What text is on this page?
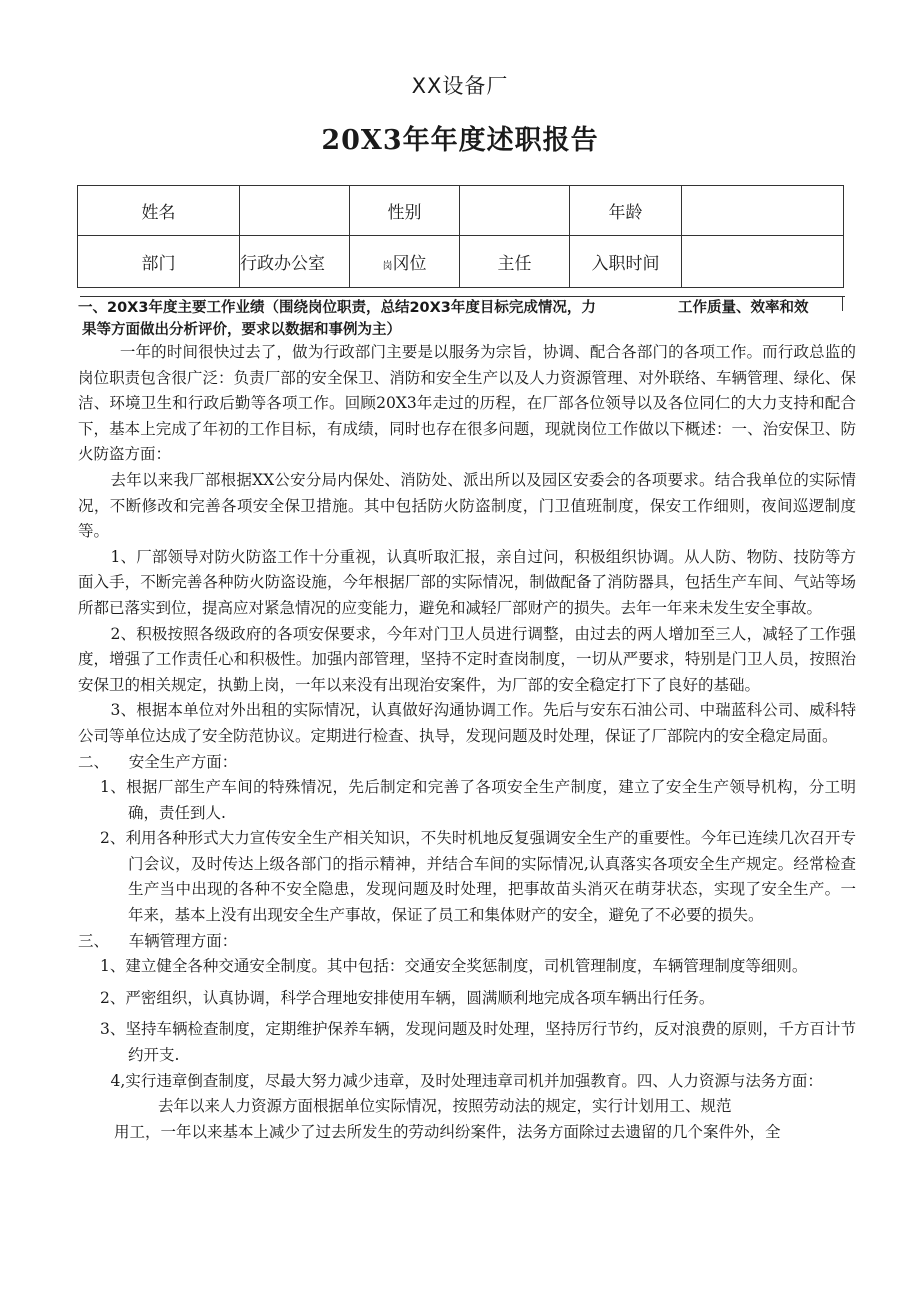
XX设备厂
20X3年年度述职报告
姓名		性别		年龄	
部门	行政办公室	岗冈位	主任	入职时间	
一、20X3年度主要工作业绩（围绕岗位职责，总结20X3年度目标完成情况，力	工作质量、效率和效
果等方面做出分析评价，要求以数据和事例为主）

一年的时间很快过去了，做为行政部门主要是以服务为宗旨，协调、配合各部门的各项工作。而行政总监的岗位职责包含很广泛：负责厂部的安全保卫、消防和安全生产以及人力资源管理、对外联络、车辆管理、绿化、保洁、环境卫生和行政后勤等各项工作。回顾20X3年走过的历程，在厂部各位领导以及各位同仁的大力支持和配合下，基本上完成了年初的工作目标，有成绩，同时也存在很多问题，现就岗位工作做以下概述：一、治安保卫、防火防盗方面：

去年以来我厂部根据XX公安分局内保处、消防处、派出所以及园区安委会的各项要求。结合我单位的实际情况，不断修改和完善各项安全保卫措施。其中包括防火防盗制度，门卫值班制度，保安工作细则，夜间巡逻制度等。

1、厂部领导对防火防盗工作十分重视，认真听取汇报，亲自过问，积极组织协调。从人防、物防、技防等方面入手，不断完善各种防火防盗设施，今年根据厂部的实际情况，制做配备了消防器具，包括生产车间、气站等场所都已落实到位，提高应对紧急情况的应变能力，避免和减轻厂部财产的损失。去年一年来未发生安全事故。

2、积极按照各级政府的各项安保要求，今年对门卫人员进行调整，由过去的两人增加至三人，减轻了工作强度，增强了工作责任心和积极性。加强内部管理，坚持不定时查岗制度，一切从严要求，特别是门卫人员，按照治安保卫的相关规定，执勤上岗，一年以来没有出现治安案件，为厂部的安全稳定打下了良好的基础。

3、根据本单位对外出租的实际情况，认真做好沟通协调工作。先后与安东石油公司、中瑞蓝科公司、威科特公司等单位达成了安全防范协议。定期进行检查、执导，发现问题及时处理，保证了厂部院内的安全稳定局面。

二、    安全生产方面：

1、根据厂部生产车间的特殊情况，先后制定和完善了各项安全生产制度，建立了安全生产领导机构，分工明确，责任到人.

2、利用各种形式大力宣传安全生产相关知识，不失时机地反复强调安全生产的重要性。今年已连续几次召开专门会议，及时传达上级各部门的指示精神，并结合车间的实际情况,认真落实各项安全生产规定。经常检查生产当中出现的各种不安全隐患，发现问题及时处理，把事故苗头消灭在萌芽状态，实现了安全生产。一年来，基本上没有出现安全生产事故，保证了员工和集体财产的安全，避免了不必要的损失。

三、    车辆管理方面：

1、建立健全各种交通安全制度。其中包括：交通安全奖惩制度，司机管理制度，车辆管理制度等细则。

2、严密组织，认真协调，科学合理地安排使用车辆，圆满顺利地完成各项车辆出行任务。

3、坚持车辆检查制度，定期维护保养车辆，发现问题及时处理，坚持厉行节约，反对浪费的原则，千方百计节约开支.

4,实行违章倒查制度，尽最大努力减少违章，及时处理违章司机并加强教育。四、人力资源与法务方面：

去年以来人力资源方面根据单位实际情况，按照劳动法的规定，实行计划用工、规范

用工，一年以来基本上减少了过去所发生的劳动纠纷案件，法务方面除过去遗留的几个案件外，全
